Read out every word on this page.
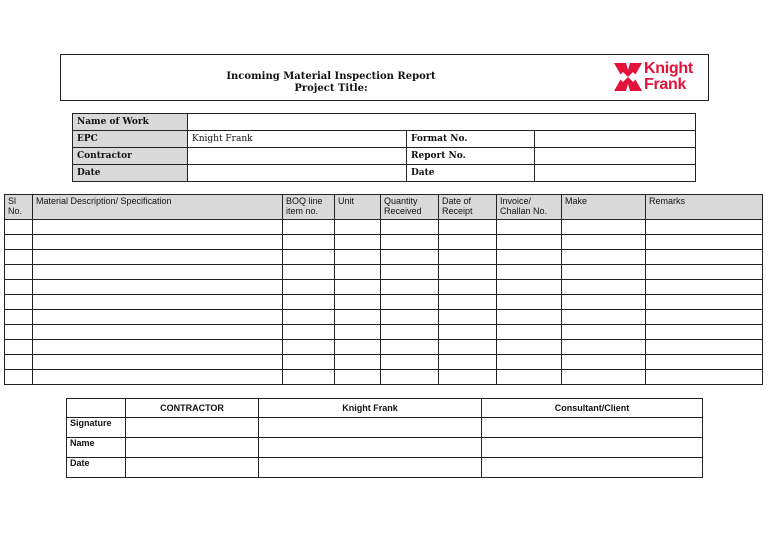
Incoming Material Inspection Report
Project Title:
Knight
Frank
Name of Work			
EPC	Knight Frank	Format No.	
Contractor		Report No.	
Date		Date	
Sl No.	Material Description/ Specification	BOQ line item no.	Unit	Quantity Received	Date of Receipt	Invoice/ Challan No.	Make	Remarks

	CONTRACTOR	Knight Frank	Consultant/Client
Signature			
Name			
Date			
